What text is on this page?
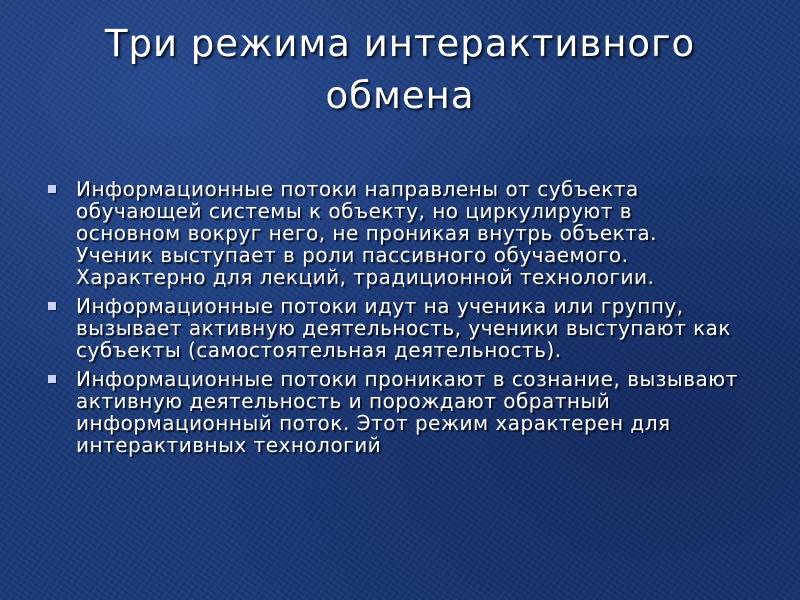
Три режима интерактивного обмена
Информационные потоки направлены от субъекта обучающей системы к объекту, но циркулируют в основном вокруг него, не проникая внутрь объекта. Ученик выступает в роли пассивного обучаемого. Характерно для лекций, традиционной технологии.
Информационные потоки идут на ученика или группу, вызывает активную деятельность, ученики выступают как субъекты (самостоятельная деятельность).
Информационные потоки проникают в сознание, вызывают активную деятельность и порождают обратный информационный поток. Этот режим характерен для интерактивных технологий
